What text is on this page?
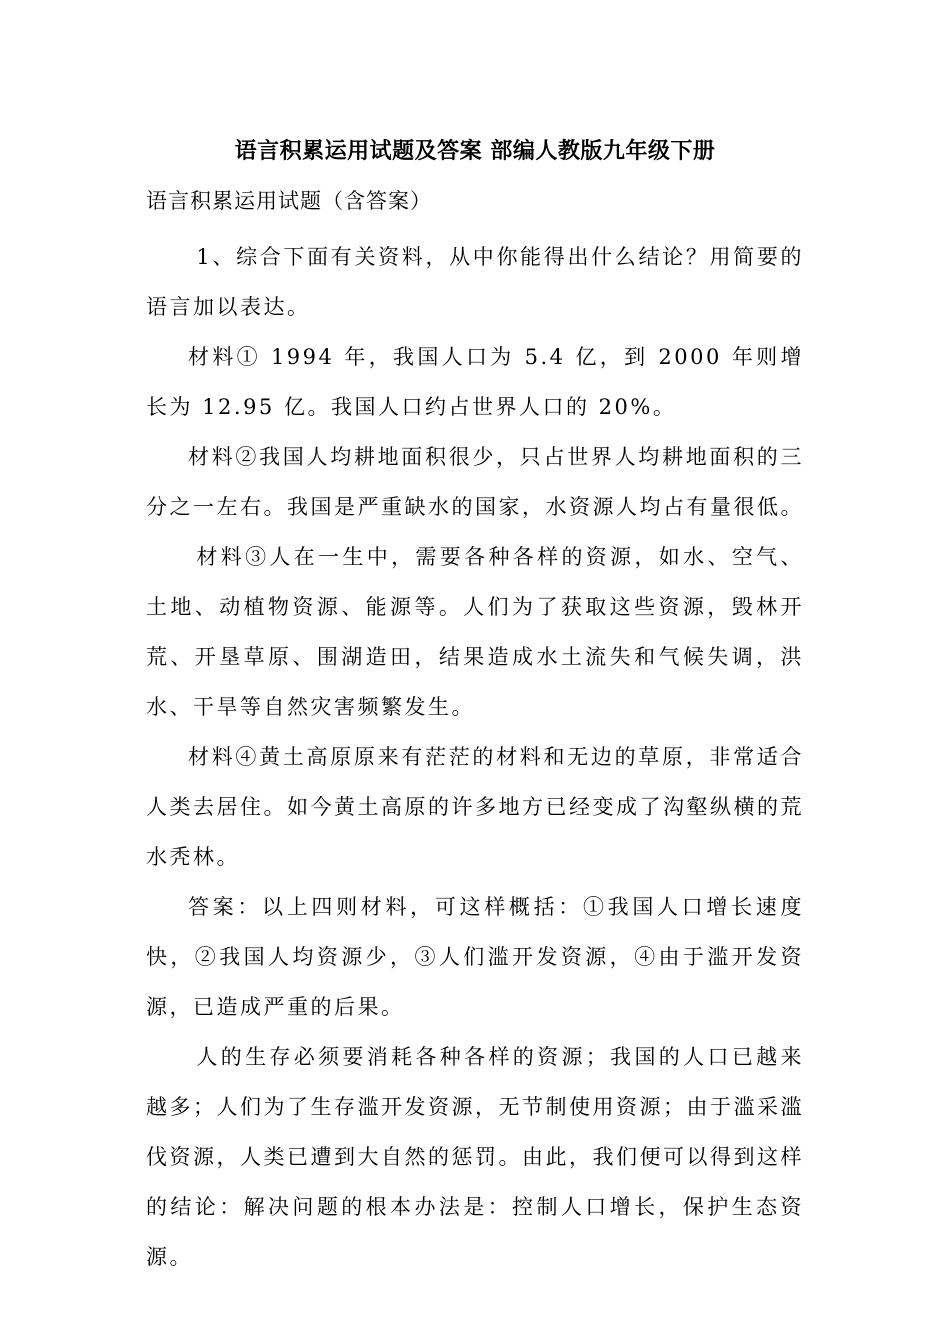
语言积累运用试题及答案 部编人教版九年级下册
语言积累运用试题（含答案）

1、综合下面有关资料，从中你能得出什么结论？用简要的语言加以表达。

材料① 1994 年，我国人口为 5.4 亿，到 2000 年则增长为 12.95 亿。我国人口约占世界人口的 20%。

材料②我国人均耕地面积很少，只占世界人均耕地面积的三分之一左右。我国是严重缺水的国家，水资源人均占有量很低。

材料③人在一生中，需要各种各样的资源，如水、空气、土地、动植物资源、能源等。人们为了获取这些资源，毁林开荒、开垦草原、围湖造田，结果造成水土流失和气候失调，洪水、干旱等自然灾害频繁发生。

材料④黄土高原原来有茫茫的材料和无边的草原，非常适合人类去居住。如今黄土高原的许多地方已经变成了沟壑纵横的荒水秃林。

答案：以上四则材料，可这样概括：①我国人口增长速度快，②我国人均资源少，③人们滥开发资源，④由于滥开发资源，已造成严重的后果。

人的生存必须要消耗各种各样的资源；我国的人口已越来越多；人们为了生存滥开发资源，无节制使用资源；由于滥采滥伐资源，人类已遭到大自然的惩罚。由此，我们便可以得到这样的结论：解决问题的根本办法是：控制人口增长，保护生态资源。
